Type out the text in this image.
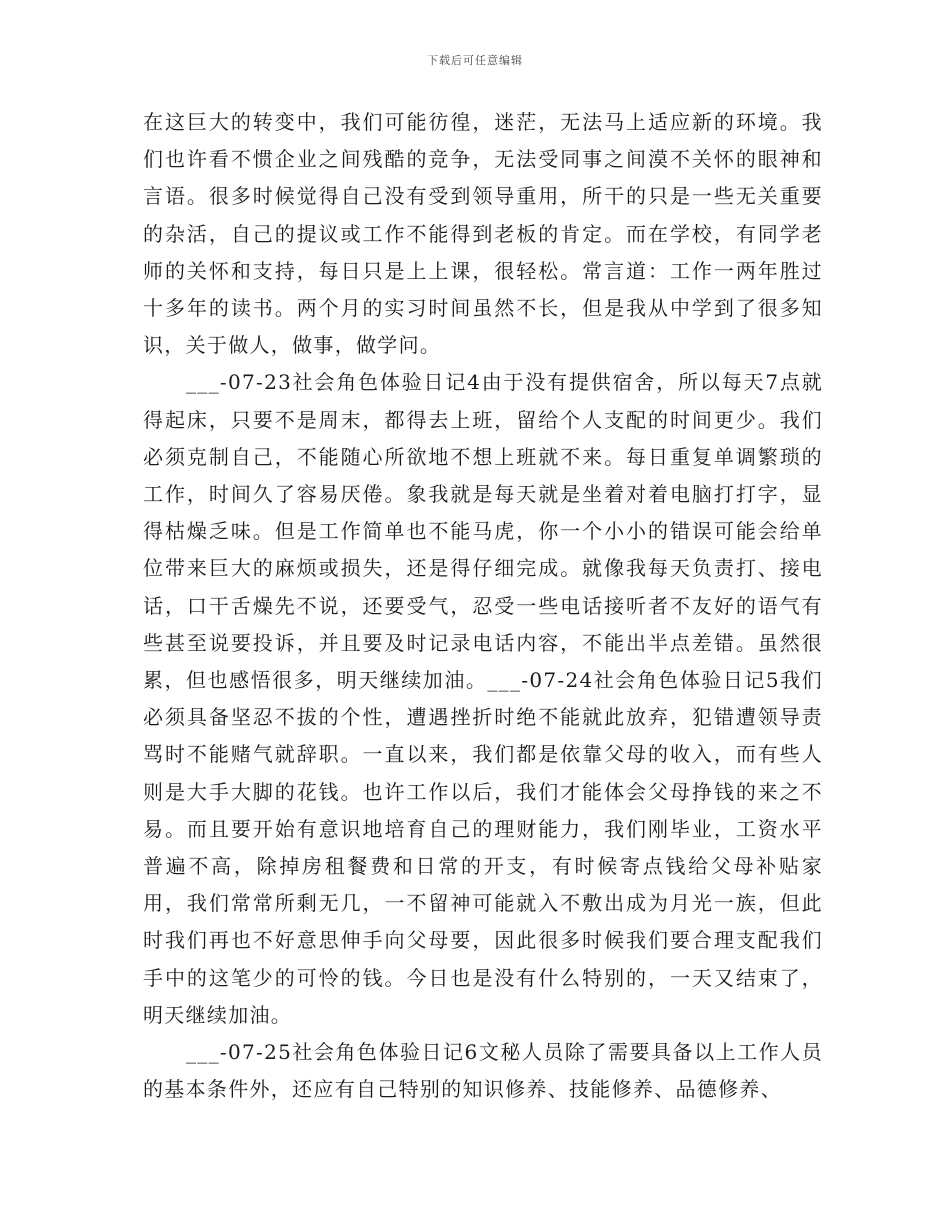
下载后可任意编辑

在这巨大的转变中，我们可能彷徨，迷茫，无法马上适应新的环境。我们也许看不惯企业之间残酷的竞争，无法受同事之间漠不关怀的眼神和言语。很多时候觉得自己没有受到领导重用，所干的只是一些无关重要的杂活，自己的提议或工作不能得到老板的肯定。而在学校，有同学老师的关怀和支持，每日只是上上课，很轻松。常言道：工作一两年胜过十多年的读书。两个月的实习时间虽然不长，但是我从中学到了很多知识，关于做人，做事，做学问。

___-07-23社会角色体验日记4由于没有提供宿舍，所以每天7点就得起床，只要不是周末，都得去上班，留给个人支配的时间更少。我们必须克制自己，不能随心所欲地不想上班就不来。每日重复单调繁琐的工作，时间久了容易厌倦。象我就是每天就是坐着对着电脑打打字，显得枯燥乏味。但是工作简单也不能马虎，你一个小小的错误可能会给单位带来巨大的麻烦或损失，还是得仔细完成。就像我每天负责打、接电话，口干舌燥先不说，还要受气，忍受一些电话接听者不友好的语气有些甚至说要投诉，并且要及时记录电话内容，不能出半点差错。虽然很累，但也感悟很多，明天继续加油。___-07-24社会角色体验日记5我们必须具备坚忍不拔的个性，遭遇挫折时绝不能就此放弃，犯错遭领导责骂时不能赌气就辞职。一直以来，我们都是依靠父母的收入，而有些人则是大手大脚的花钱。也许工作以后，我们才能体会父母挣钱的来之不易。而且要开始有意识地培育自己的理财能力，我们刚毕业，工资水平普遍不高，除掉房租餐费和日常的开支，有时候寄点钱给父母补贴家用，我们常常所剩无几，一不留神可能就入不敷出成为月光一族，但此时我们再也不好意思伸手向父母要，因此很多时候我们要合理支配我们手中的这笔少的可怜的钱。今日也是没有什么特别的，一天又结束了，明天继续加油。

___-07-25社会角色体验日记6文秘人员除了需要具备以上工作人员的基本条件外，还应有自己特别的知识修养、技能修养、品德修养、
